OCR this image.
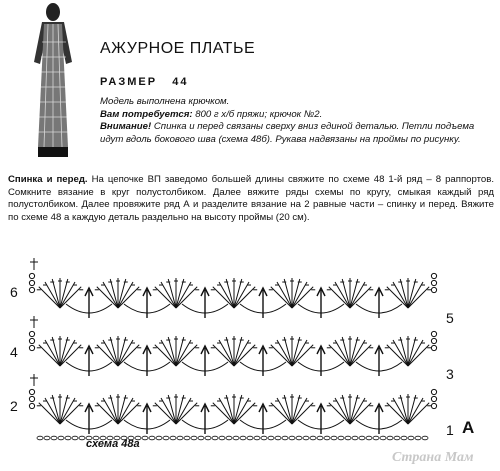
АЖУРНОЕ ПЛАТЬЕ
РАЗМЕР 44
Модель выполнена крючком.
Вам потребуется: 800 г х/б пряжи; крючок №2.
Внимание! Спинка и перед связаны сверху вниз единой деталью. Петли подъема идут вдоль бокового шва (схема 48б). Рукава надвязаны на проймы по рисунку.
Спинка и перед. На цепочке ВП заведомо большей длины свяжите по схеме 48 1-й ряд – 8 раппортов. Сомкните вязание в круг полустолбиком. Далее вяжите ряды схемы по кругу, смыкая каждый ряд полустолбиком. Далее провяжите ряд А и разделите вязание на 2 равные части – спинку и перед. Вяжите по схеме 48 а каждую деталь раздельно на высоту проймы (20 см).
6
4
2
5
3
1 А
схема 48а
Страна Мам
